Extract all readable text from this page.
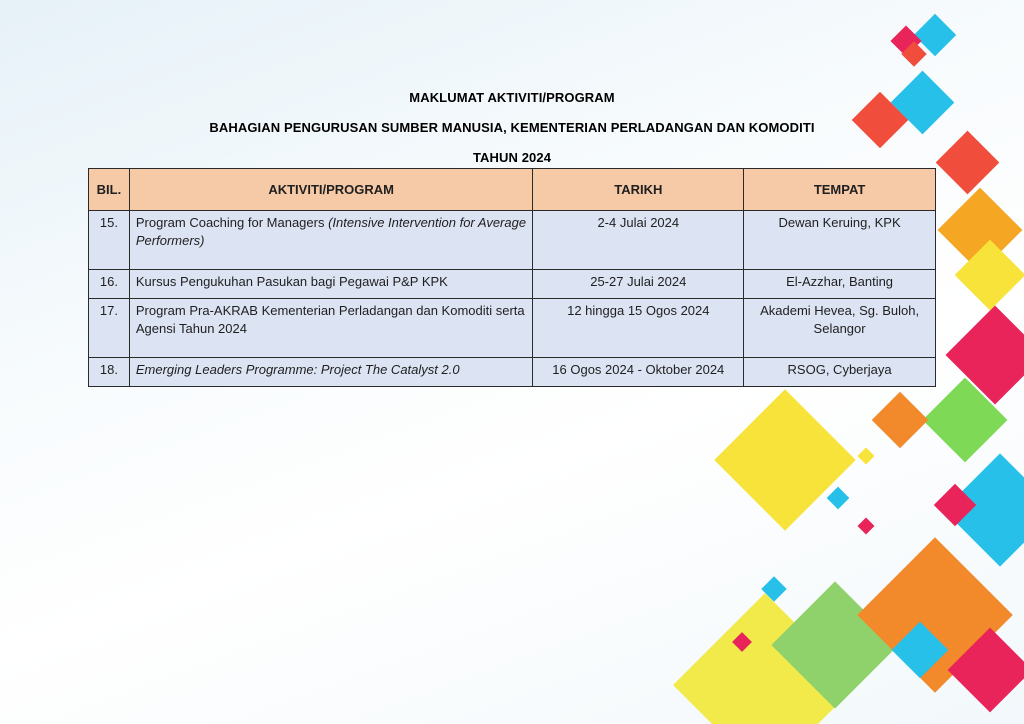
MAKLUMAT AKTIVITI/PROGRAM
BAHAGIAN PENGURUSAN SUMBER MANUSIA, KEMENTERIAN PERLADANGAN DAN KOMODITI
TAHUN 2024
BIL.	AKTIVITI/PROGRAM	TARIKH	TEMPAT
15.	Program Coaching for Managers (Intensive Intervention for Average Performers)	2-4 Julai 2024	Dewan Keruing, KPK
16.	Kursus Pengukuhan Pasukan bagi Pegawai P&P KPK	25-27 Julai 2024	El-Azzhar, Banting
17.	Program Pra-AKRAB Kementerian Perladangan dan Komoditi serta Agensi Tahun 2024	12 hingga 15 Ogos 2024	Akademi Hevea, Sg. Buloh, Selangor
18.	Emerging Leaders Programme: Project The Catalyst 2.0	16 Ogos 2024 - Oktober 2024	RSOG, Cyberjaya
